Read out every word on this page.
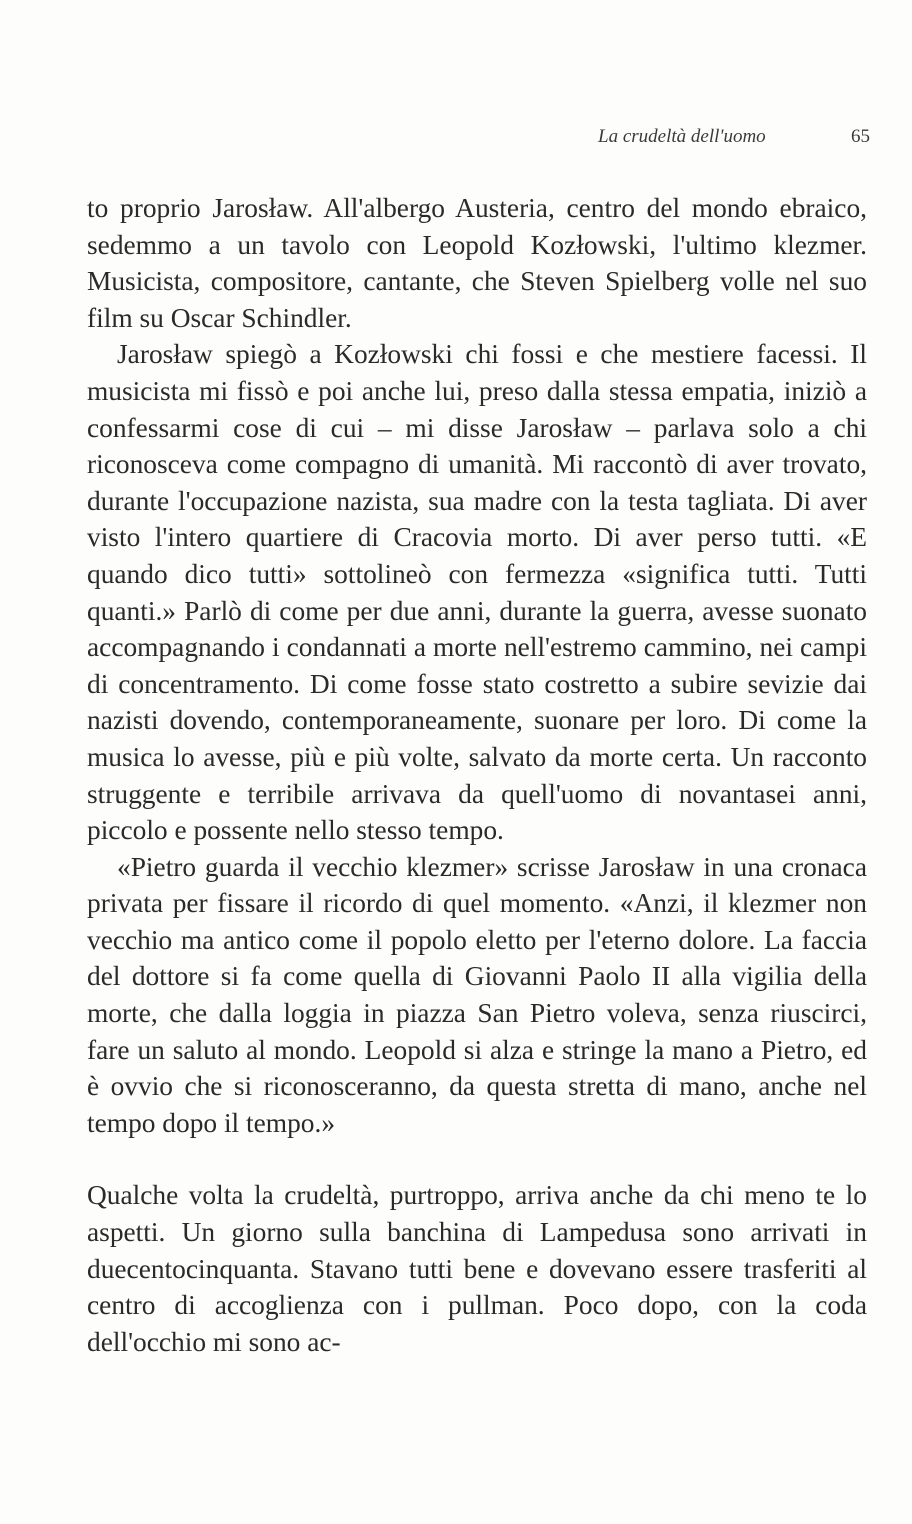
La crudeltà dell'uomo	65

to proprio Jarosław. All'albergo Austeria, centro del mondo ebraico, sedemmo a un tavolo con Leopold Kozłowski, l'ultimo klezmer. Musicista, compositore, cantante, che Steven Spielberg volle nel suo film su Oscar Schindler.

Jarosław spiegò a Kozłowski chi fossi e che mestiere facessi. Il musicista mi fissò e poi anche lui, preso dalla stessa empatia, iniziò a confessarmi cose di cui – mi disse Jarosław – parlava solo a chi riconosceva come compagno di umanità. Mi raccontò di aver trovato, durante l'occupazione nazista, sua madre con la testa tagliata. Di aver visto l'intero quartiere di Cracovia morto. Di aver perso tutti. «E quando dico tutti» sottolineò con fermezza «significa tutti. Tutti quanti.» Parlò di come per due anni, durante la guerra, avesse suonato accompagnando i condannati a morte nell'estremo cammino, nei campi di concentramento. Di come fosse stato costretto a subire sevizie dai nazisti dovendo, contemporaneamente, suonare per loro. Di come la musica lo avesse, più e più volte, salvato da morte certa. Un racconto struggente e terribile arrivava da quell'uomo di novantasei anni, piccolo e possente nello stesso tempo.

«Pietro guarda il vecchio klezmer» scrisse Jarosław in una cronaca privata per fissare il ricordo di quel momento. «Anzi, il klezmer non vecchio ma antico come il popolo eletto per l'eterno dolore. La faccia del dottore si fa come quella di Giovanni Paolo II alla vigilia della morte, che dalla loggia in piazza San Pietro voleva, senza riuscirci, fare un saluto al mondo. Leopold si alza e stringe la mano a Pietro, ed è ovvio che si riconosceranno, da questa stretta di mano, anche nel tempo dopo il tempo.»

Qualche volta la crudeltà, purtroppo, arriva anche da chi meno te lo aspetti. Un giorno sulla banchina di Lampedusa sono arrivati in duecentocinquanta. Stavano tutti bene e dovevano essere trasferiti al centro di accoglienza con i pullman. Poco dopo, con la coda dell'occhio mi sono ac-
